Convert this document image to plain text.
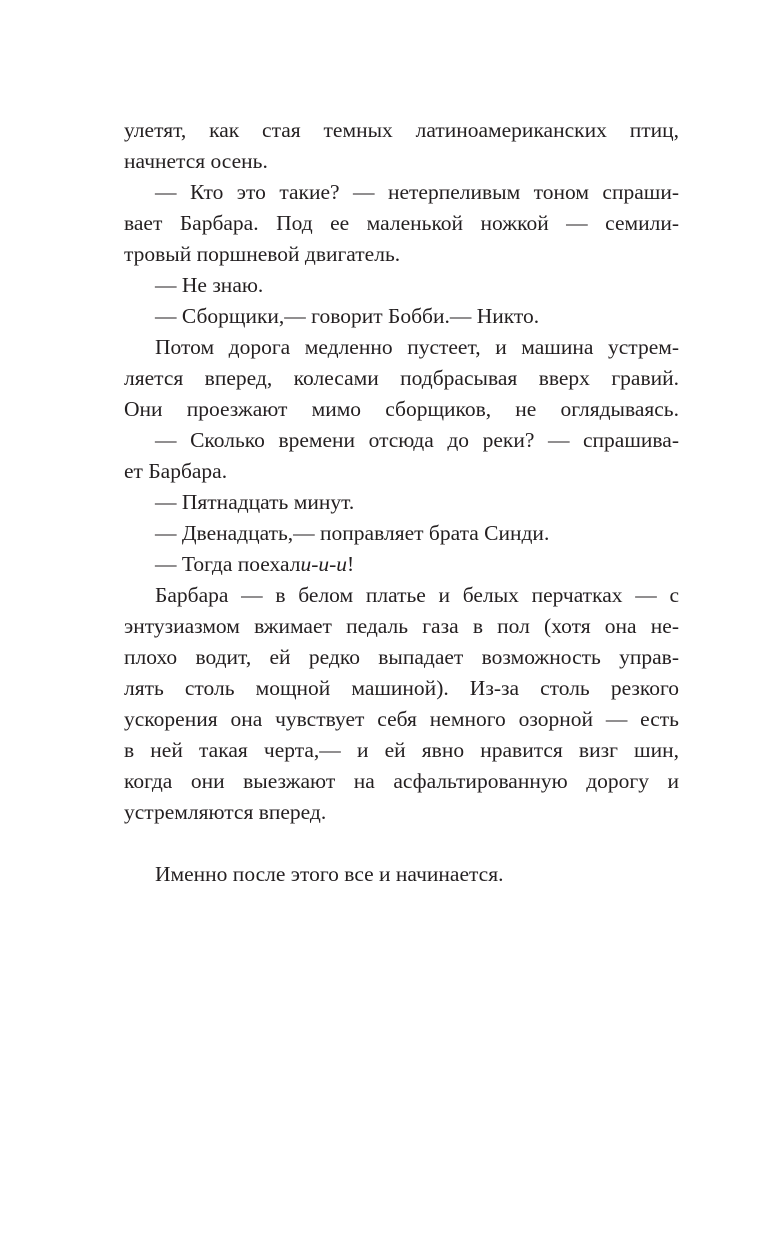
улетят, как стая темных латиноамериканских птиц,
начнется осень.
— Кто это такие? — нетерпеливым тоном спраши-
вает Барбара. Под ее маленькой ножкой — семили-
тровый поршневой двигатель.
— Не знаю.
— Сборщики,— говорит Бобби.— Никто.
Потом дорога медленно пустеет, и машина устрем-
ляется вперед, колесами подбрасывая вверх гравий.
Они проезжают мимо сборщиков, не оглядываясь.
— Сколько времени отсюда до реки? — спрашива-
ет Барбара.
— Пятнадцать минут.
— Двенадцать,— поправляет брата Синди.
— Тогда поехали-и-и!
Барбара — в белом платье и белых перчатках — с
энтузиазмом вжимает педаль газа в пол (хотя она не-
плохо водит, ей редко выпадает возможность управ-
лять столь мощной машиной). Из-за столь резкого
ускорения она чувствует себя немного озорной — есть
в ней такая черта,— и ей явно нравится визг шин,
когда они выезжают на асфальтированную дорогу и
устремляются вперед.
Именно после этого все и начинается.
